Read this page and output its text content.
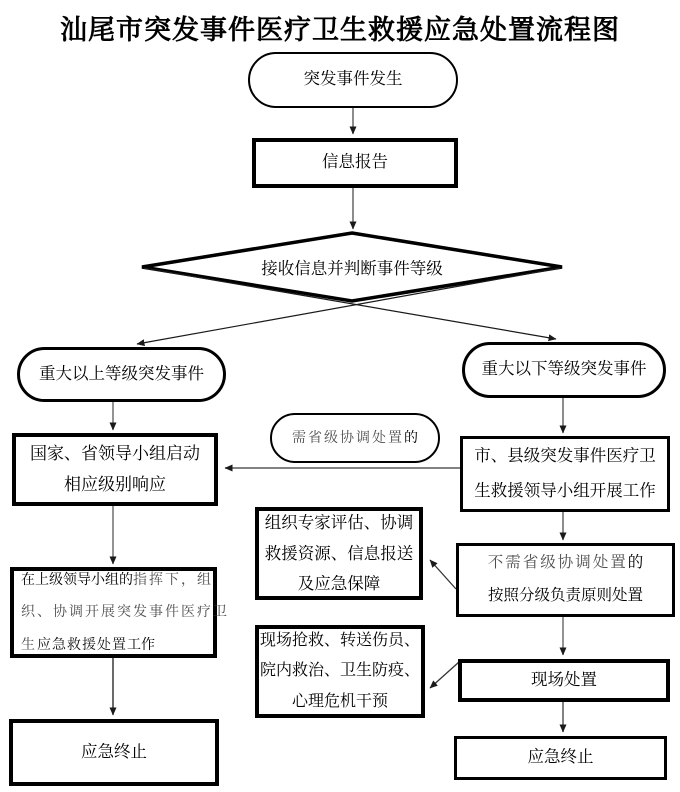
汕尾市突发事件医疗卫生救援应急处置流程图
突发事件发生
信息报告
接收信息并判断事件等级
重大以上等级突发事件	重大以下等级突发事件
国家、省领导小组启动
相应级别响应
需省级协调处置的
市、县级突发事件医疗卫
生救援领导小组开展工作
组织专家评估、协调
救援资源、信息报送
及应急保障
不需省级协调处置的
按照分级负责原则处置
在上级领导小组的指挥下，组
织、协调开展突发事件医疗卫
生应急救援处置工作	现场抢救、转送伤员、
院内救治、卫生防疫、
心理危机干预
现场处置
应急终止	应急终止
